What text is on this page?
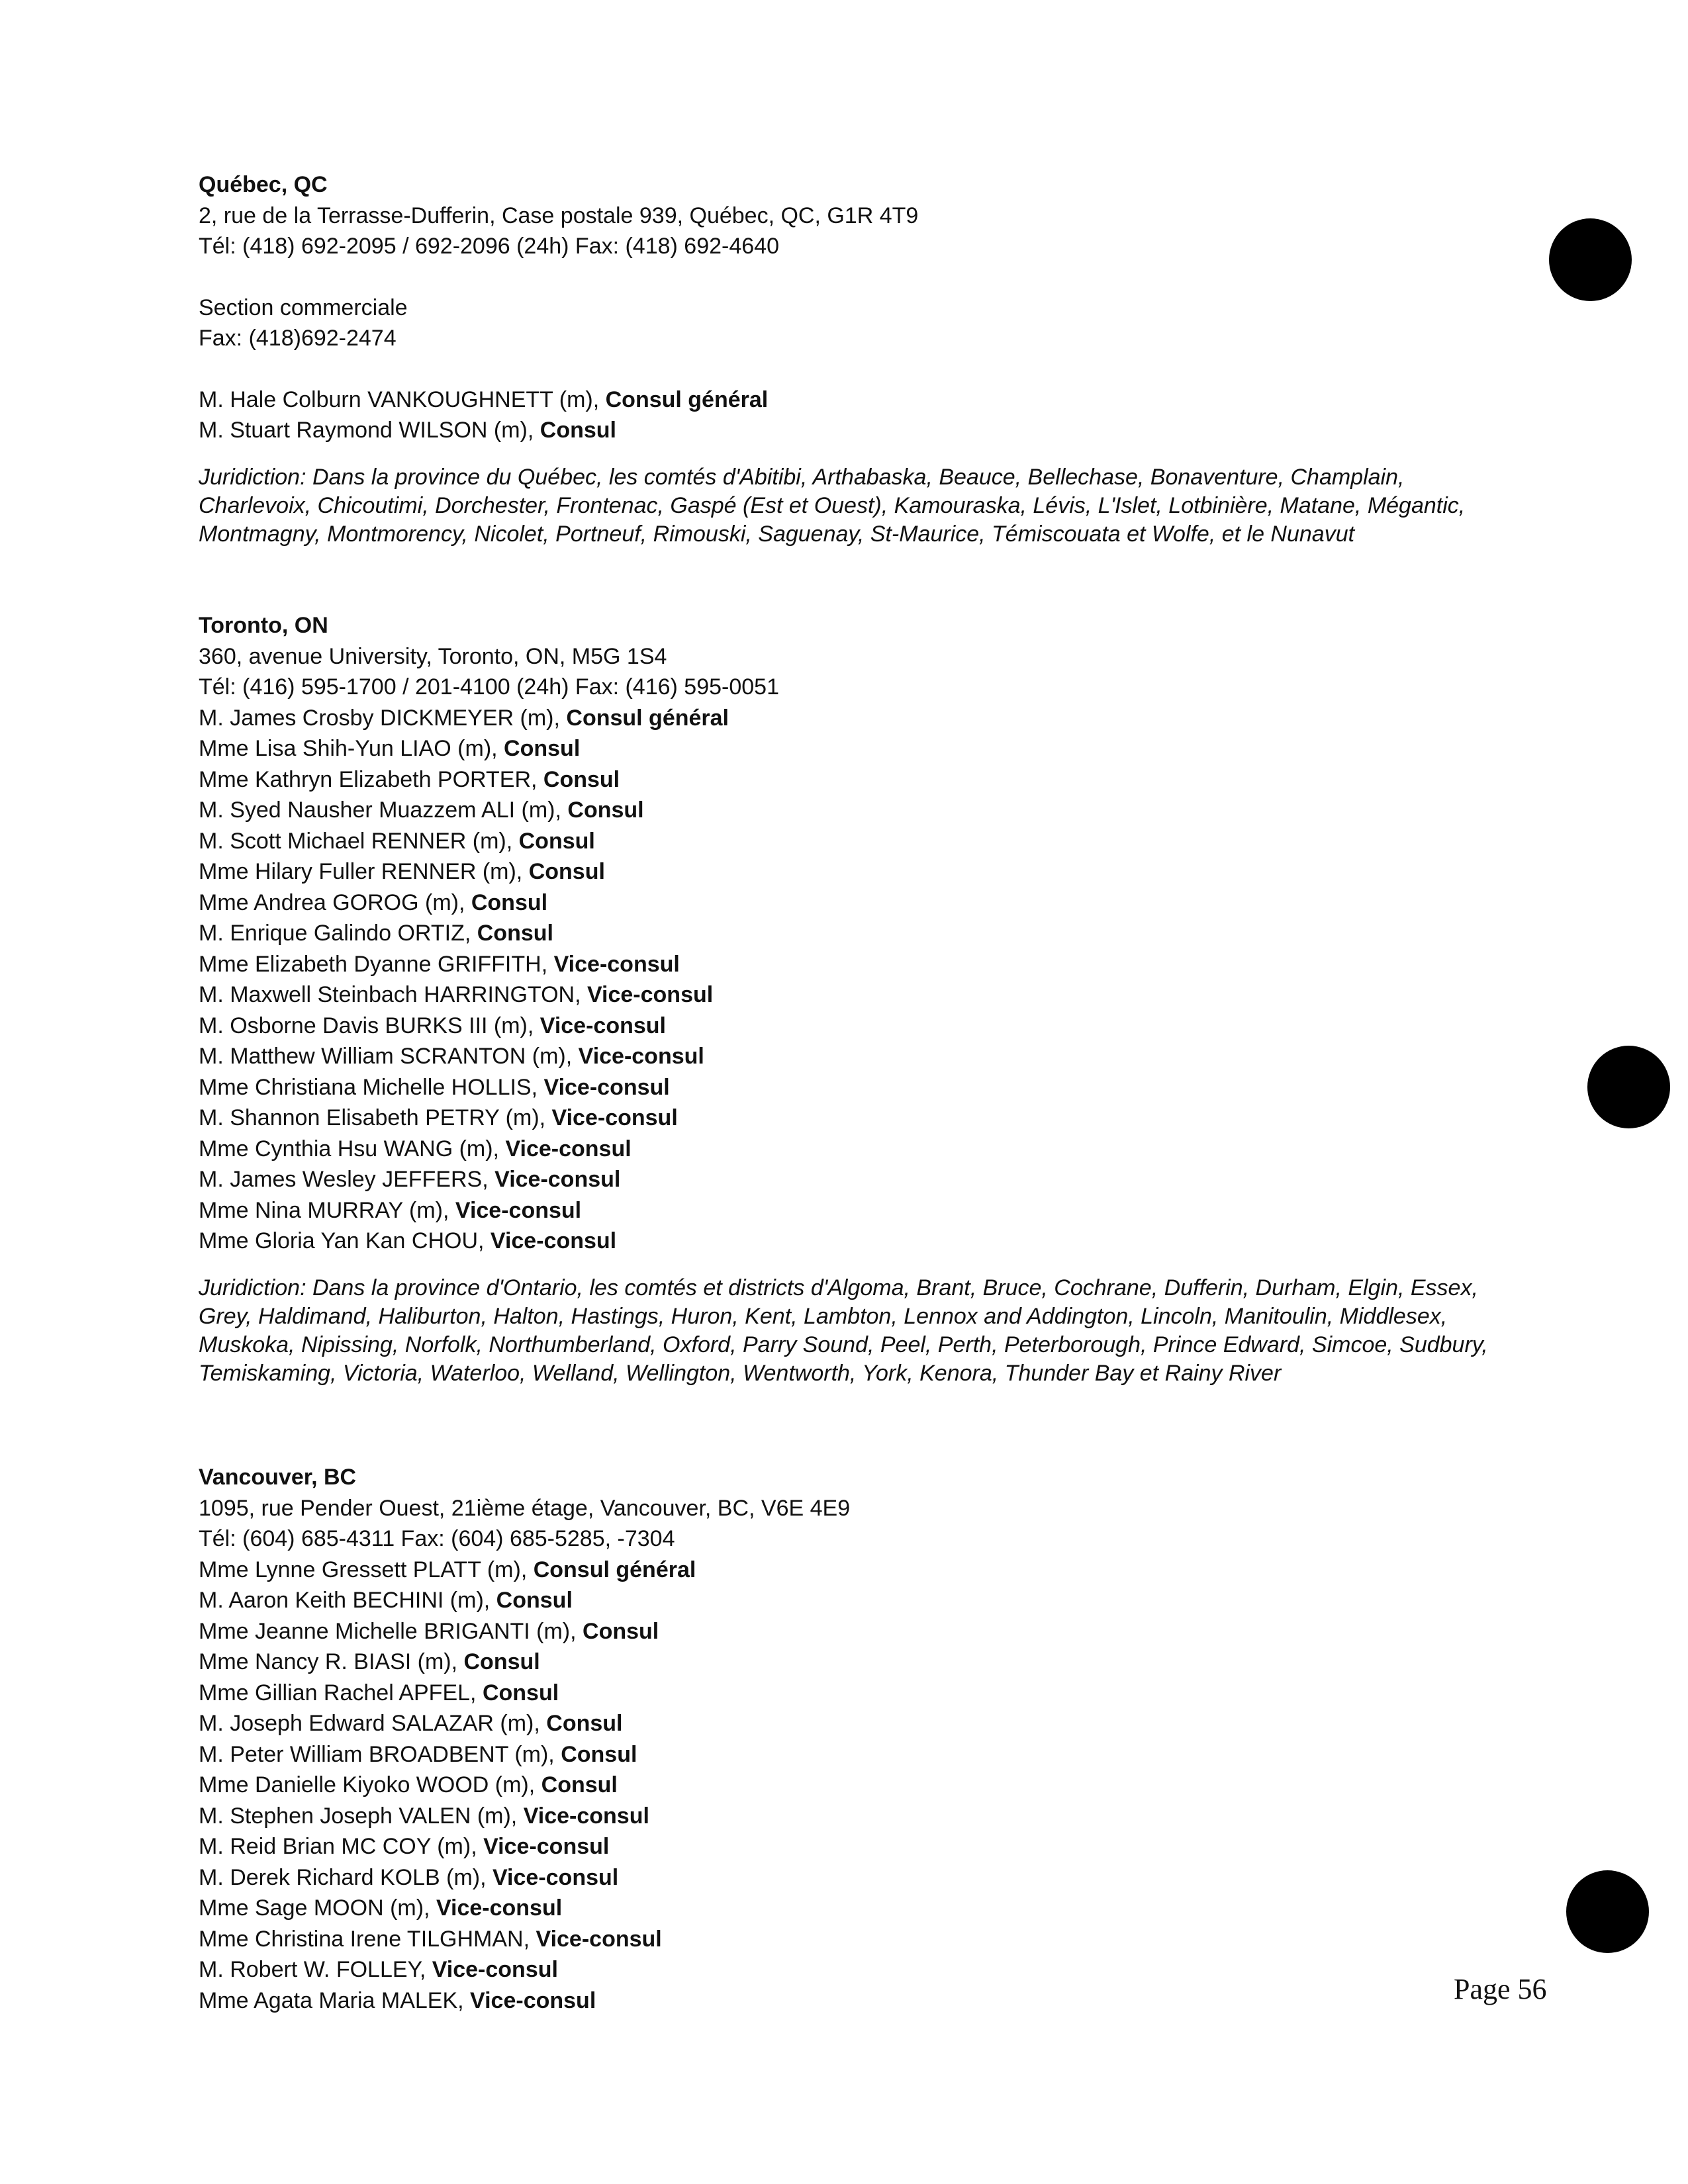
Québec, QC
2, rue de la Terrasse-Dufferin, Case postale 939, Québec, QC, G1R 4T9
Tél: (418) 692-2095 / 692-2096 (24h) Fax: (418) 692-4640
Section commerciale
Fax: (418)692-2474
M. Hale Colburn VANKOUGHNETT (m), Consul général
M. Stuart Raymond WILSON (m), Consul
Juridiction: Dans la province du Québec, les comtés d'Abitibi, Arthabaska, Beauce, Bellechase, Bonaventure, Champlain, Charlevoix, Chicoutimi, Dorchester, Frontenac, Gaspé (Est et Ouest), Kamouraska, Lévis, L'Islet, Lotbinière, Matane, Mégantic, Montmagny, Montmorency, Nicolet, Portneuf, Rimouski, Saguenay, St-Maurice, Témiscouata et Wolfe, et le Nunavut
Toronto, ON
360, avenue University, Toronto, ON, M5G 1S4
Tél: (416) 595-1700 / 201-4100 (24h) Fax: (416) 595-0051
M. James Crosby DICKMEYER (m), Consul général
Mme Lisa Shih-Yun LIAO (m), Consul
Mme Kathryn Elizabeth PORTER, Consul
M. Syed Nausher Muazzem ALI (m), Consul
M. Scott Michael RENNER (m), Consul
Mme Hilary Fuller RENNER (m), Consul
Mme Andrea GOROG (m), Consul
M. Enrique Galindo ORTIZ, Consul
Mme Elizabeth Dyanne GRIFFITH, Vice-consul
M. Maxwell Steinbach HARRINGTON, Vice-consul
M. Osborne Davis BURKS III (m), Vice-consul
M. Matthew William SCRANTON (m), Vice-consul
Mme Christiana Michelle HOLLIS, Vice-consul
M. Shannon Elisabeth PETRY (m), Vice-consul
Mme Cynthia Hsu WANG (m), Vice-consul
M. James Wesley JEFFERS, Vice-consul
Mme Nina MURRAY (m), Vice-consul
Mme Gloria Yan Kan CHOU, Vice-consul
Juridiction: Dans la province d'Ontario, les comtés et districts d'Algoma, Brant, Bruce, Cochrane, Dufferin, Durham, Elgin, Essex, Grey, Haldimand, Haliburton, Halton, Hastings, Huron, Kent, Lambton, Lennox and Addington, Lincoln, Manitoulin, Middlesex, Muskoka, Nipissing, Norfolk, Northumberland, Oxford, Parry Sound, Peel, Perth, Peterborough, Prince Edward, Simcoe, Sudbury, Temiskaming, Victoria, Waterloo, Welland, Wellington, Wentworth, York, Kenora, Thunder Bay et Rainy River
Vancouver, BC
1095, rue Pender Ouest, 21ième étage, Vancouver, BC, V6E 4E9
Tél: (604) 685-4311 Fax: (604) 685-5285, -7304
Mme Lynne Gressett PLATT (m), Consul général
M. Aaron Keith BECHINI (m), Consul
Mme Jeanne Michelle BRIGANTI (m), Consul
Mme Nancy R. BIASI (m), Consul
Mme Gillian Rachel APFEL, Consul
M. Joseph Edward SALAZAR (m), Consul
M. Peter William BROADBENT (m), Consul
Mme Danielle Kiyoko WOOD (m), Consul
M. Stephen Joseph VALEN (m), Vice-consul
M. Reid Brian MC COY (m), Vice-consul
M. Derek Richard KOLB (m), Vice-consul
Mme Sage MOON (m), Vice-consul
Mme Christina Irene TILGHMAN, Vice-consul
M. Robert W. FOLLEY, Vice-consul
Mme Agata Maria MALEK, Vice-consul	Page 56
